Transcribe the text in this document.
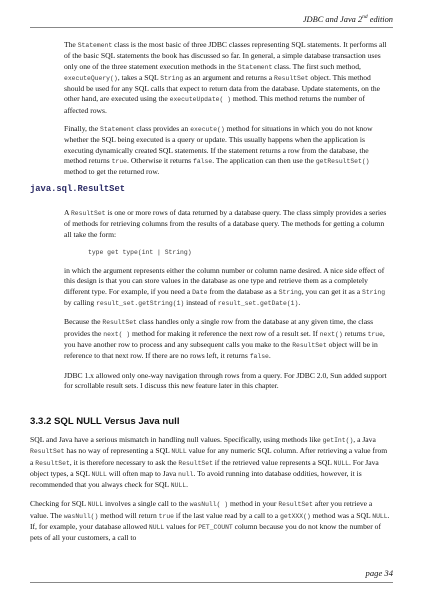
JDBC and Java 2nd edition

The Statement class is the most basic of three JDBC classes representing SQL statements. It performs all of the basic SQL statements the book has discussed so far. In general, a simple database transaction uses only one of the three statement execution methods in the Statement class. The first such method, executeQuery(), takes a SQL String as an argument and returns a ResultSet object. This method should be used for any SQL calls that expect to return data from the database. Update statements, on the other hand, are executed using the executeUpdate( ) method. This method returns the number of affected rows.

Finally, the Statement class provides an execute() method for situations in which you do not know whether the SQL being executed is a query or update. This usually happens when the application is executing dynamically created SQL statements. If the statement returns a row from the database, the method returns true. Otherwise it returns false. The application can then use the getResultSet() method to get the returned row.

java.sql.ResultSet

A ResultSet is one or more rows of data returned by a database query. The class simply provides a series of methods for retrieving columns from the results of a database query. The methods for getting a column all take the form:

type get type(int | String)

in which the argument represents either the column number or column name desired. A nice side effect of this design is that you can store values in the database as one type and retrieve them as a completely different type. For example, if you need a Date from the database as a String, you can get it as a String by calling result_set.getString(1) instead of result_set.getDate(1).

Because the ResultSet class handles only a single row from the database at any given time, the class provides the next( ) method for making it reference the next row of a result set. If next() returns true, you have another row to process and any subsequent calls you make to the ResultSet object will be in reference to that next row. If there are no rows left, it returns false.

JDBC 1.x allowed only one-way navigation through rows from a query. For JDBC 2.0, Sun added support for scrollable result sets. I discuss this new feature later in this chapter.

3.3.2 SQL NULL Versus Java null

SQL and Java have a serious mismatch in handling null values. Specifically, using methods like getInt(), a Java ResultSet has no way of representing a SQL NULL value for any numeric SQL column. After retrieving a value from a ResultSet, it is therefore necessary to ask the ResultSet if the retrieved value represents a SQL NULL. For Java object types, a SQL NULL will often map to Java null. To avoid running into database oddities, however, it is recommended that you always check for SQL NULL.

Checking for SQL NULL involves a single call to the wasNull( ) method in your ResultSet after you retrieve a value. The wasNull() method will return true if the last value read by a call to a getXXX() method was a SQL NULL. If, for example, your database allowed NULL values for PET_COUNT column because you do not know the number of pets of all your customers, a call to

page 34
